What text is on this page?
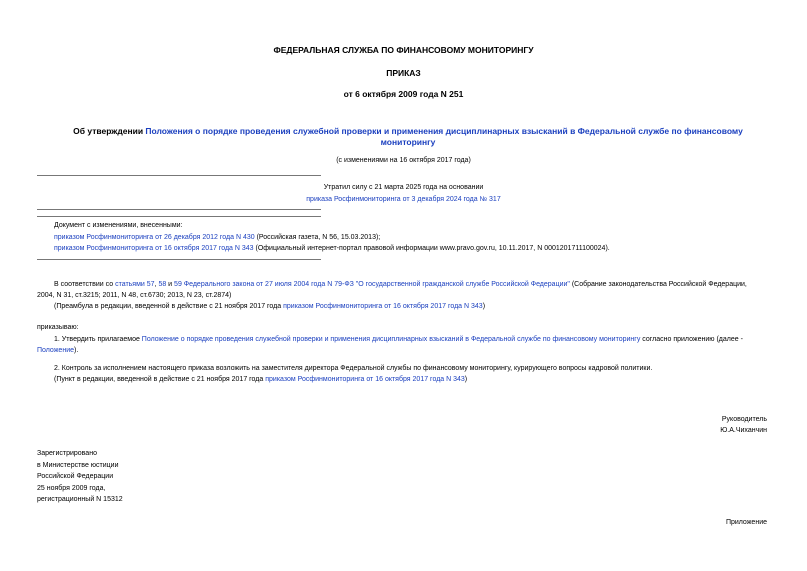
ФЕДЕРАЛЬНАЯ СЛУЖБА ПО ФИНАНСОВОМУ МОНИТОРИНГУ
ПРИКАЗ
от 6 октября 2009 года N 251
Об утверждении Положения о порядке проведения служебной проверки и применения дисциплинарных взысканий в Федеральной службе по финансовому мониторингу
(с изменениями на 16 октября 2017 года)
Утратил силу с 21 марта 2025 года на основании
приказа Росфинмониторинга от 3 декабря 2024 года № 317
Документ с изменениями, внесенными:
приказом Росфинмониторинга от 26 декабря 2012 года N 430 (Российская газета, N 56, 15.03.2013);
приказом Росфинмониторинга от 16 октября 2017 года N 343 (Официальный интернет-портал правовой информации www.pravo.gov.ru, 10.11.2017, N 0001201711100024).
В соответствии со статьями 57, 58 и 59 Федерального закона от 27 июля 2004 года N 79-ФЗ "О государственной гражданской службе Российской Федерации" (Собрание законодательства Российской Федерации,
2004, N 31, ст.3215; 2011, N 48, ст.6730; 2013, N 23, ст.2874)
(Преамбула в редакции, введенной в действие с 21 ноября 2017 года приказом Росфинмониторинга от 16 октября 2017 года N 343)
приказываю:
1. Утвердить прилагаемое Положение о порядке проведения служебной проверки и применения дисциплинарных взысканий в Федеральной службе по финансовому мониторингу согласно приложению (далее -
Положение).
2. Контроль за исполнением настоящего приказа возложить на заместителя директора Федеральной службы по финансовому мониторингу, курирующего вопросы кадровой политики.
(Пункт в редакции, введенной в действие с 21 ноября 2017 года приказом Росфинмониторинга от 16 октября 2017 года N 343)
Руководитель
Ю.А.Чиханчин

Зарегистрировано

в Министерстве юстиции

Российской Федерации

25 ноября 2009 года,

регистрационный N 15312

Приложение
